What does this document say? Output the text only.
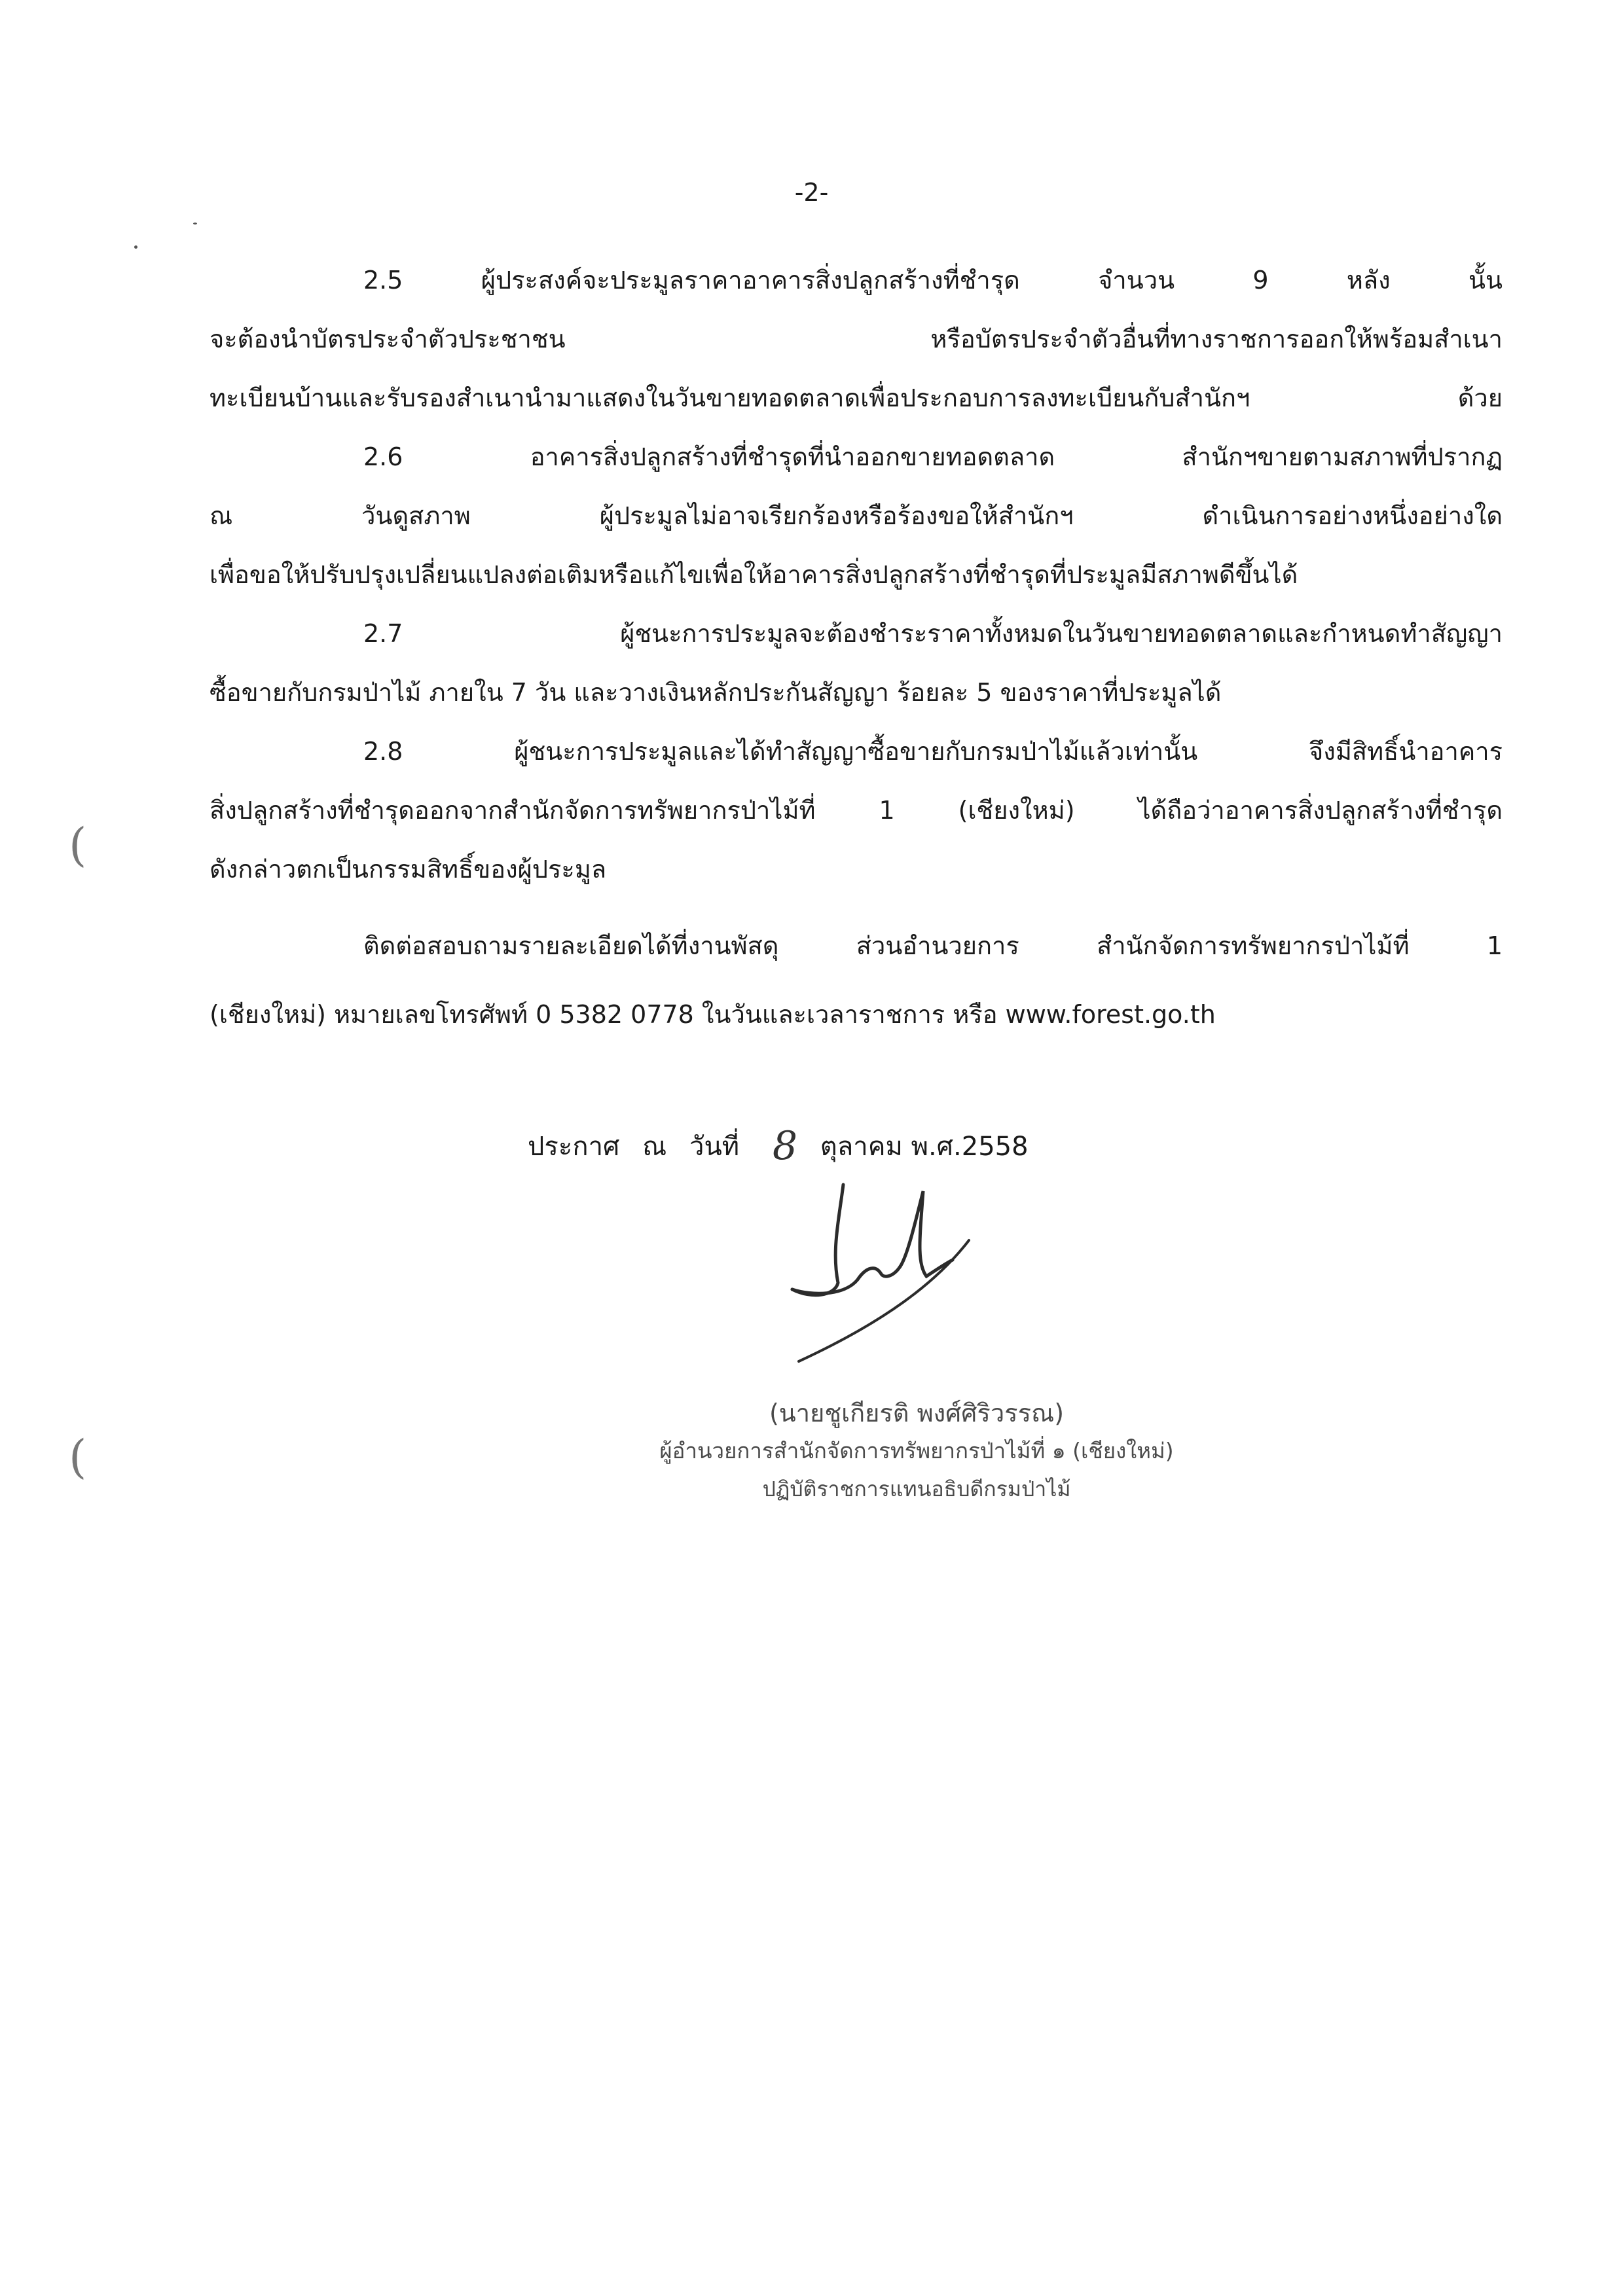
-2-
(
(
2.5 ผู้ประสงค์จะประมูลราคาอาคารสิ่งปลูกสร้างที่ชำรุด จำนวน 9 หลัง นั้น
จะต้องนำบัตรประจำตัวประชาชน หรือบัตรประจำตัวอื่นที่ทางราชการออกให้พร้อมสำเนา
ทะเบียนบ้านและรับรองสำเนานำมาแสดงในวันขายทอดตลาดเพื่อประกอบการลงทะเบียนกับสำนักฯ ด้วย
2.6 อาคารสิ่งปลูกสร้างที่ชำรุดที่นำออกขายทอดตลาด สำนักฯขายตามสภาพที่ปรากฏ
ณ วันดูสภาพ ผู้ประมูลไม่อาจเรียกร้องหรือร้องขอให้สำนักฯ ดำเนินการอย่างหนึ่งอย่างใด
เพื่อขอให้ปรับปรุงเปลี่ยนแปลงต่อเติมหรือแก้ไขเพื่อให้อาคารสิ่งปลูกสร้างที่ชำรุดที่ประมูลมีสภาพดีขึ้นได้
2.7 ผู้ชนะการประมูลจะต้องชำระราคาทั้งหมดในวันขายทอดตลาดและกำหนดทำสัญญา
ซื้อขายกับกรมป่าไม้ ภายใน 7 วัน และวางเงินหลักประกันสัญญา ร้อยละ 5 ของราคาที่ประมูลได้
2.8 ผู้ชนะการประมูลและได้ทำสัญญาซื้อขายกับกรมป่าไม้แล้วเท่านั้น จึงมีสิทธิ์นำอาคาร
สิ่งปลูกสร้างที่ชำรุดออกจากสำนักจัดการทรัพยากรป่าไม้ที่ 1 (เชียงใหม่) ได้ถือว่าอาคารสิ่งปลูกสร้างที่ชำรุด
ดังกล่าวตกเป็นกรรมสิทธิ์ของผู้ประมูล
ติดต่อสอบถามรายละเอียดได้ที่งานพัสดุ ส่วนอำนวยการ สำนักจัดการทรัพยากรป่าไม้ที่ 1
(เชียงใหม่) หมายเลขโทรศัพท์ 0 5382 0778 ในวันและเวลาราชการ หรือ www.forest.go.th
ประกาศ ณ วันที่ 8 ตุลาคม พ.ศ.2558
(นายชูเกียรติ พงศ์ศิริวรรณ)
ผู้อำนวยการสำนักจัดการทรัพยากรป่าไม้ที่ ๑ (เชียงใหม่)
ปฏิบัติราชการแทนอธิบดีกรมป่าไม้
